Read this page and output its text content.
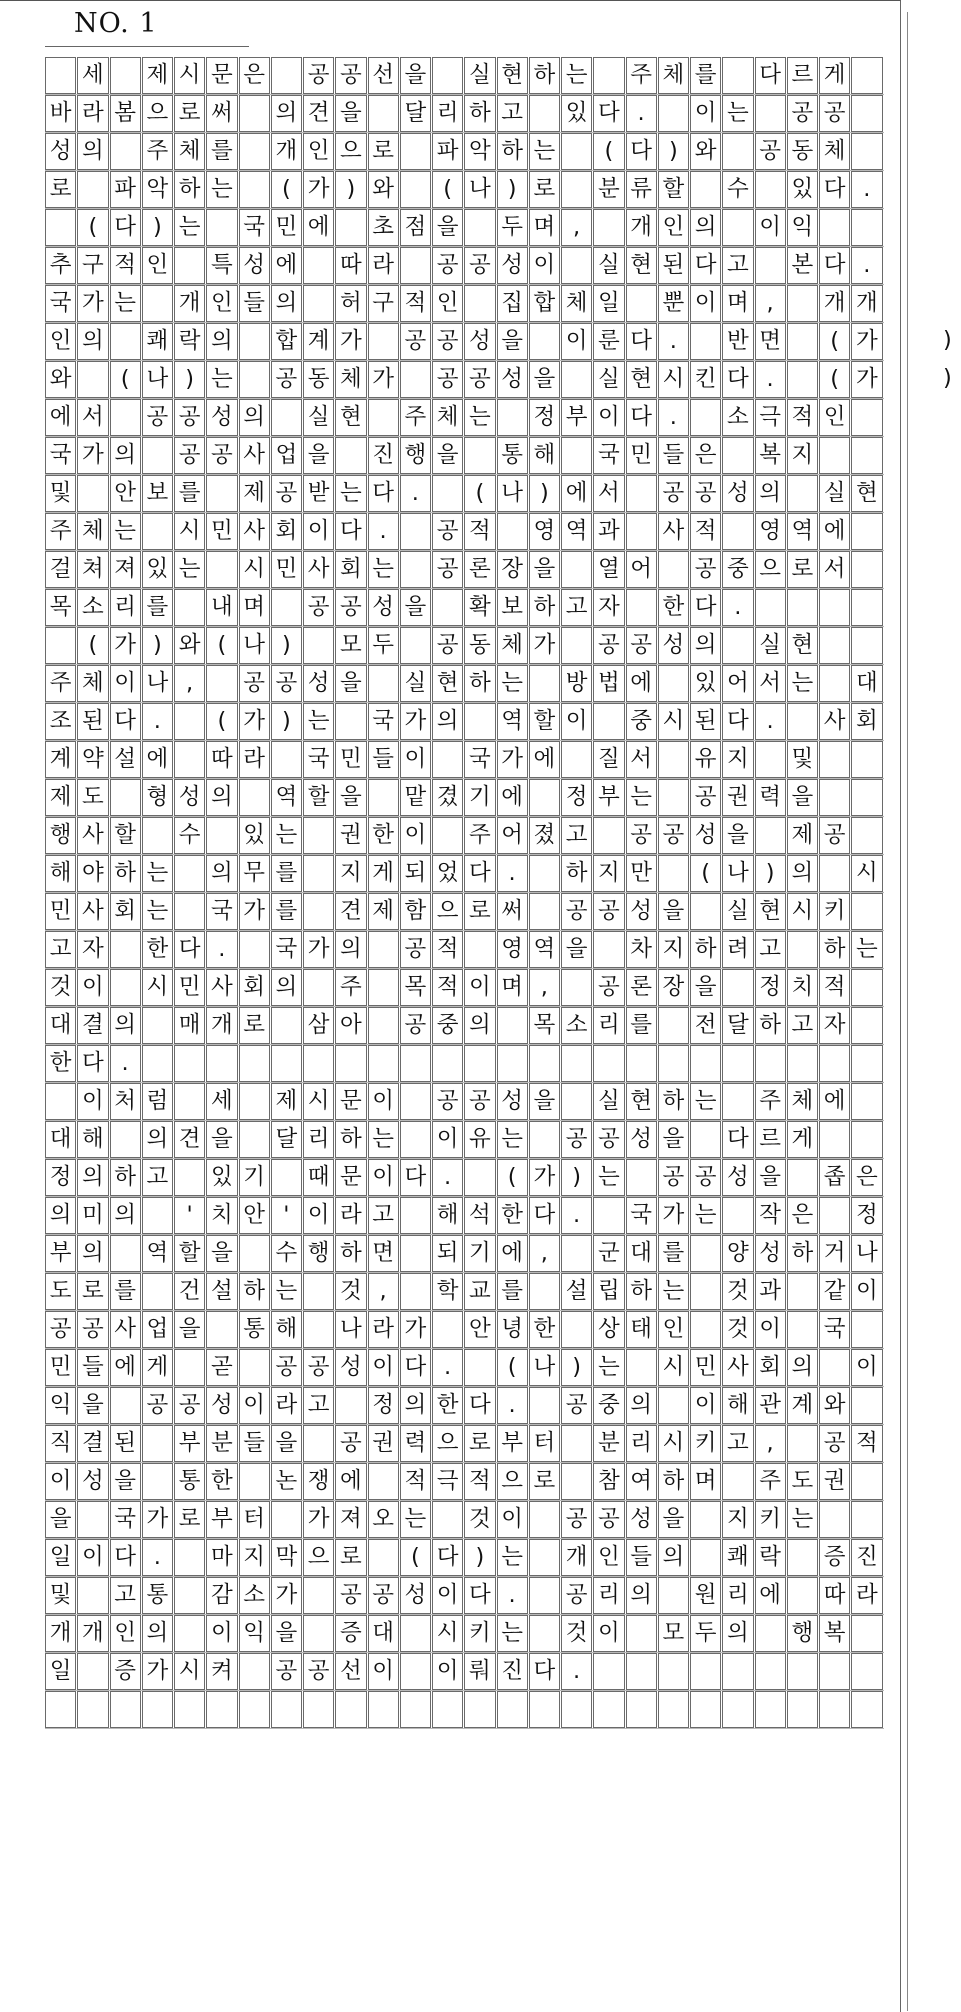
NO. 1
세 제 시 문 은 공 공 선 을 실 현 하 는 주 체 를 다 르 게
바 라 봄 으 로 써 의 견 을 달 리 하 고 있 다 .	이 는 공 공
성 의 주 체 를 개 인 으 로 파 악 하 는	( 다 ) 와 공 동 체
로 파 악 하 는	( 가 ) 와	( 나 ) 로 분 류 할 수 있 다 .
( 다 ) 는 국 민 에 초 점 을 두 며 ,	개 인 의 이 익
추 구 적 인 특 성 에 따 라 공 공 성 이 실 현 된 다 고 본 다 .
국 가 는 개 인 들 의 허 구 적 인 집 합 체 일 뿐 이 며 ,	개 개
인 의 쾌 락 의 합 계 가 공 공 성 을 이 룬 다 .	반 면	( 가	)
와	( 나 ) 는 공 동 체 가 공 공 성 을 실 현 시 킨 다 .	( 가	)
에 서 공 공 성 의 실 현 주 체 는 정 부 이 다 .	소 극 적 인
국 가 의 공 공 사 업 을 진 행 을 통 해 국 민 들 은 복 지
및 안 보 를 제 공 받 는 다 .	( 나 ) 에 서 공 공 성 의 실 현
주 체 는 시 민 사 회 이 다 .	공 적 영 역 과 사 적 영 역 에
걸 쳐 져 있 는 시 민 사 회 는 공 론 장 을 열 어 공 중 으 로 서
목 소 리 를 내 며 공 공 성 을 확 보 하 고 자 한 다 .
( 가 ) 와 ( 나 )	모 두 공 동 체 가 공 공 성 의 실 현
주 체 이 나 ,	공 공 성 을 실 현 하 는 방 법 에 있 어 서 는 대
조 된 다 .	( 가 ) 는 국 가 의 역 할 이 중 시 된 다 .	사 회
계 약 설 에 따 라 국 민 들 이 국 가 에 질 서 유 지 및
제 도 형 성 의 역 할 을 맡 겼 기 에 정 부 는 공 권 력 을
행 사 할 수 있 는 권 한 이 주 어 졌 고 공 공 성 을 제 공
해 야 하 는 의 무 를 지 게 되 었 다 .	하 지 만	( 나 ) 의 시
민 사 회 는 국 가 를 견 제 함 으 로 써 공 공 성 을 실 현 시 키
고 자 한 다 .	국 가 의 공 적 영 역 을 차 지 하 려 고 하 는
것 이 시 민 사 회 의 주 목 적 이 며 ,	공 론 장 을 정 치 적
대 결 의 매 개 로 삼 아 공 중 의 목 소 리 를 전 달 하 고 자
한 다 .
이 처 럼 세 제 시 문 이 공 공 성 을 실 현 하 는 주 체 에
대 해 의 견 을 달 리 하 는 이 유 는 공 공 성 을 다 르 게
정 의 하 고 있 기 때 문 이 다 .	( 가 ) 는 공 공 성 을 좁 은
의 미 의	' 치 안 ' 이 라 고 해 석 한 다 .	국 가 는 작 은 정
부 의 역 할 을 수 행 하 면 되 기 에 ,	군 대 를 양 성 하 거 나
도 로 를 건 설 하 는 것 ,	학 교 를 설 립 하 는 것 과 같 이
공 공 사 업 을 통 해 나 라 가 안 녕 한 상 태 인 것 이 국
민 들 에 게 곧 공 공 성 이 다 .	( 나 ) 는 시 민 사 회 의 이
익 을 공 공 성 이 라 고 정 의 한 다 .	공 중 의 이 해 관 계 와
직 결 된 부 분 들 을 공 권 력 으 로 부 터 분 리 시 키 고 ,	공 적
이 성 을 통 한 논 쟁 에 적 극 적 으 로 참 여 하 며 주 도 권
을 국 가 로 부 터 가 져 오 는 것 이 공 공 성 을 지 키 는
일 이 다 .	마 지 막 으 로	( 다 ) 는 개 인 들 의 쾌 락 증 진
및 고 통 감 소 가 공 공 성 이 다 .	공 리 의 원 리 에 따 라
개 개 인 의 이 익 을 증 대 시 키 는 것 이 모 두 의 행 복
일 증 가 시 켜 공 공 선 이 이 뤄 진 다 .
